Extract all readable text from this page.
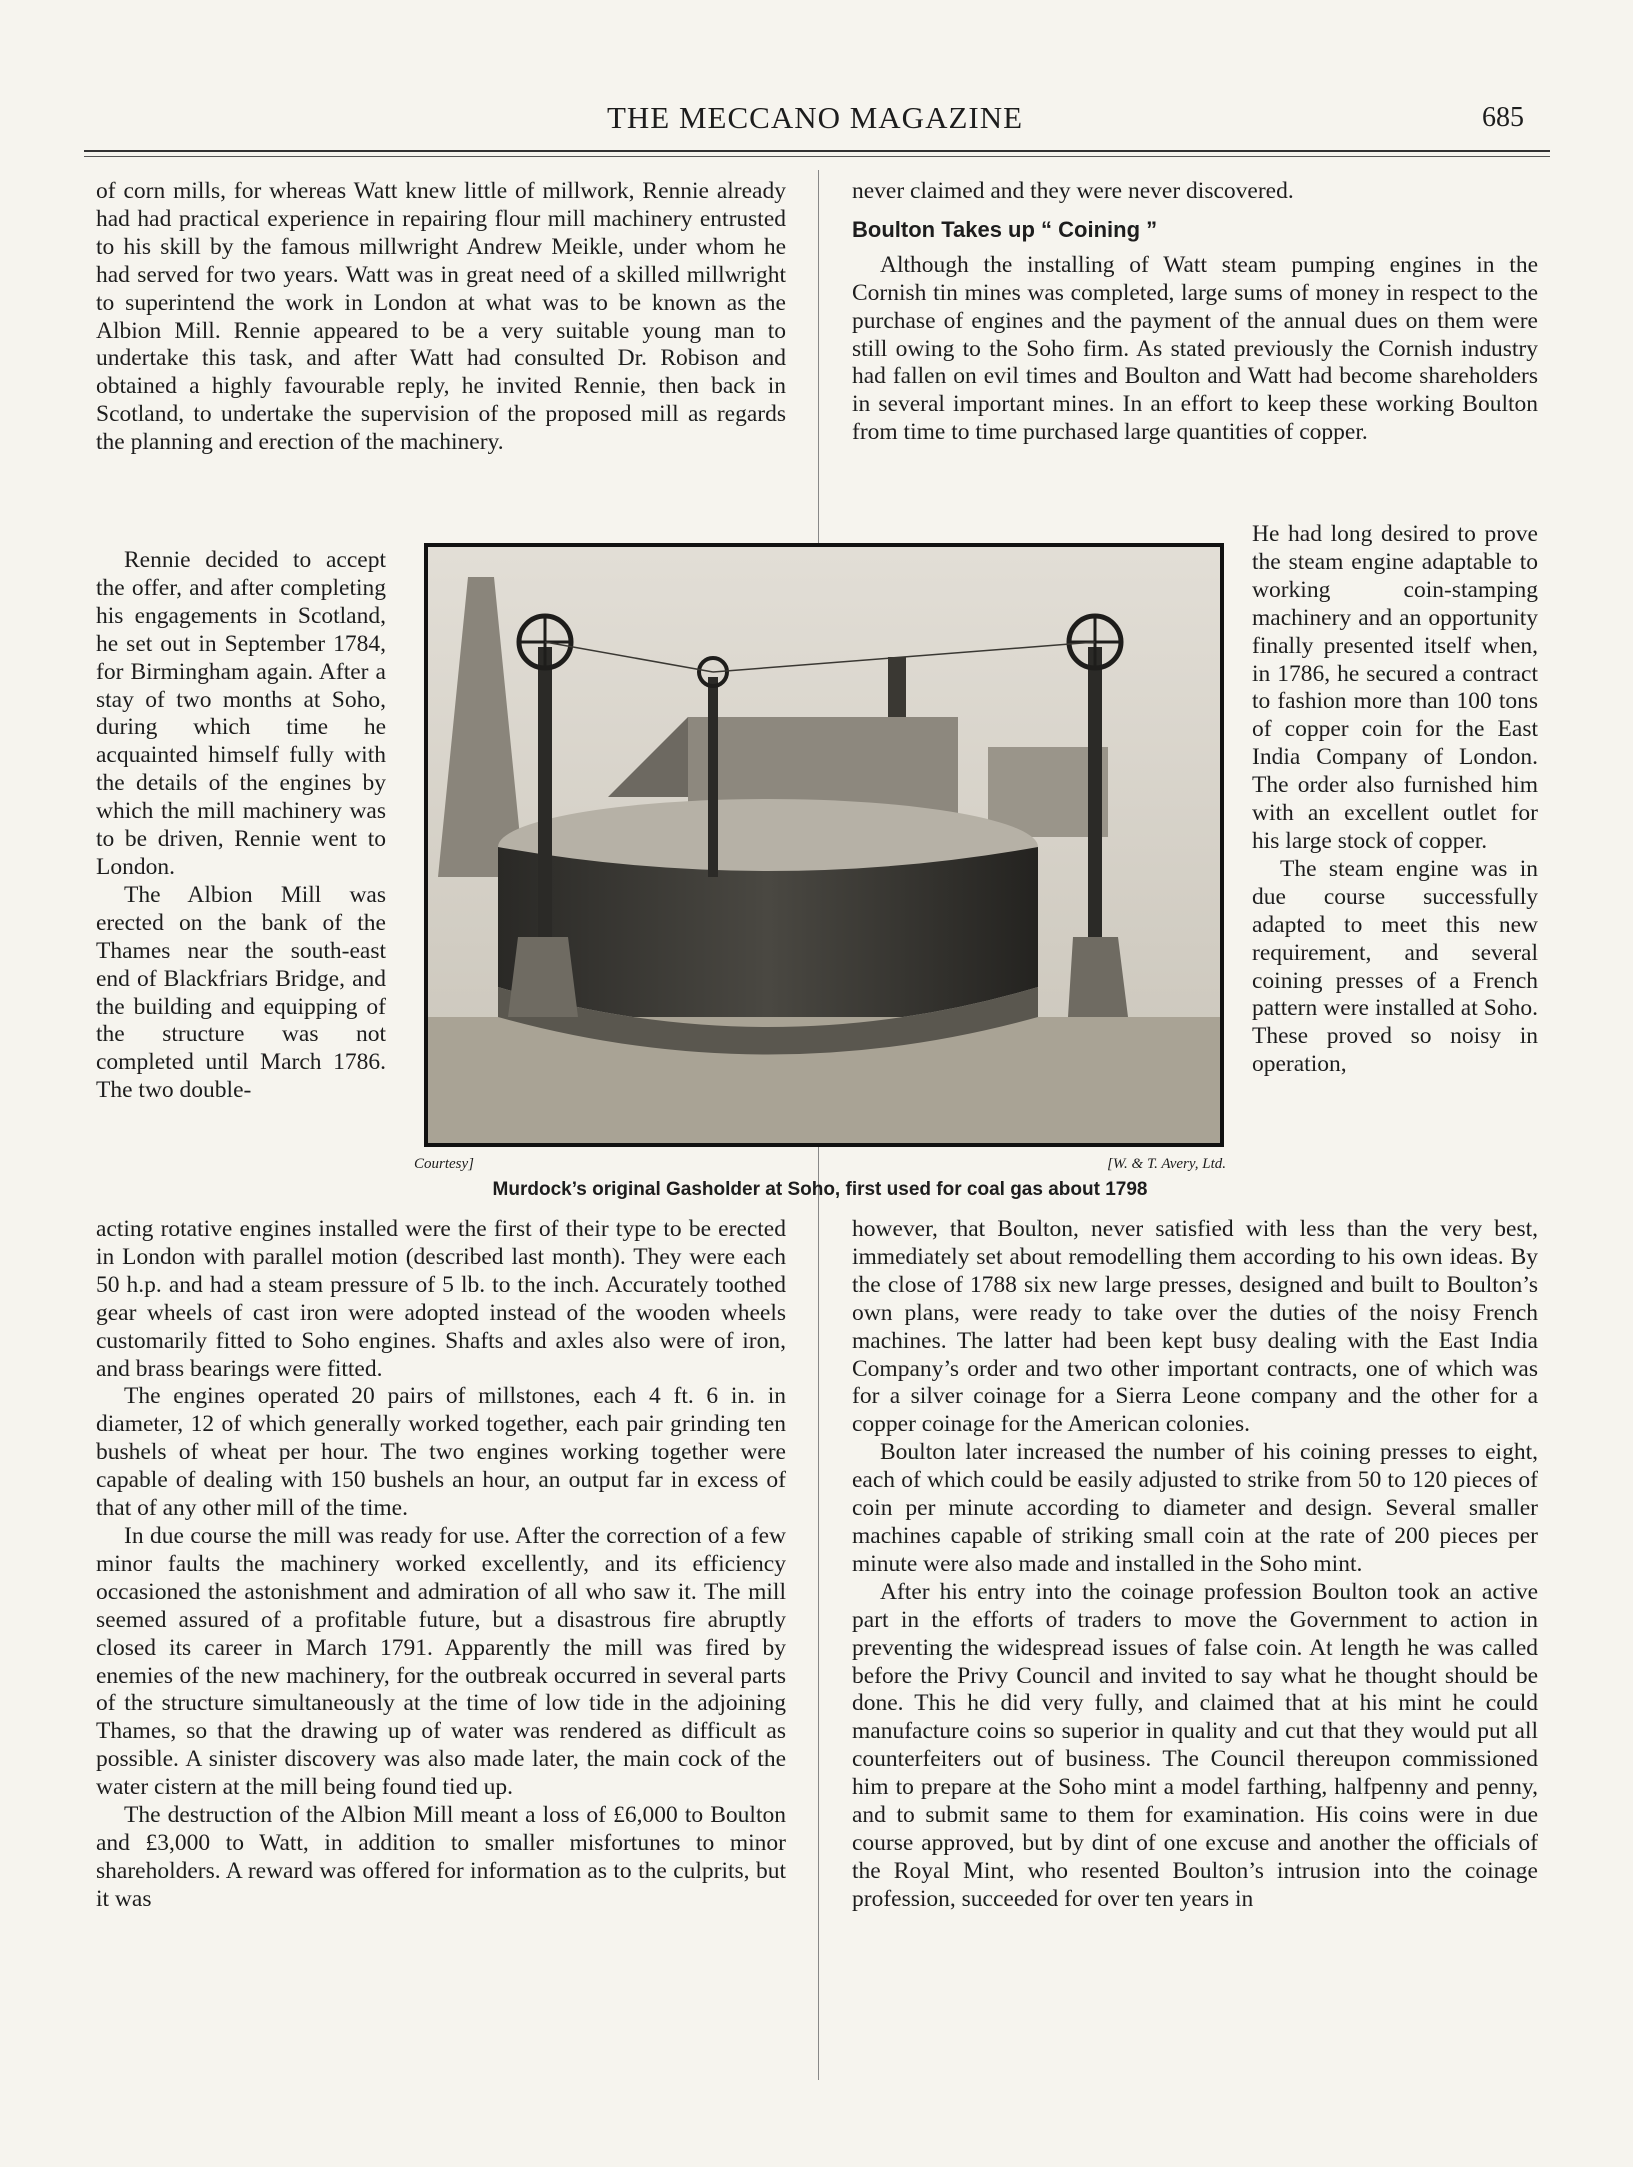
THE MECCANO MAGAZINE	685

of corn mills, for whereas Watt knew little of millwork, Rennie already had had practical experience in repairing flour mill machinery entrusted to his skill by the famous millwright Andrew Meikle, under whom he had served for two years. Watt was in great need of a skilled millwright to superintend the work in London at what was to be known as the Albion Mill. Rennie appeared to be a very suitable young man to undertake this task, and after Watt had consulted Dr. Robison and obtained a highly favourable reply, he invited Rennie, then back in Scotland, to undertake the supervision of the proposed mill as regards the planning and erection of the machinery.

Rennie decided to accept the offer, and after completing his engagements in Scotland, he set out in September 1784, for Birmingham again. After a stay of two months at Soho, during which time he acquainted himself fully with the details of the engines by which the mill machinery was to be driven, Rennie went to London.

The Albion Mill was erected on the bank of the Thames near the south-east end of Blackfriars Bridge, and the building and equipping of the structure was not completed until March 1786. The two double-

acting rotative engines installed were the first of their type to be erected in London with parallel motion (described last month). They were each 50 h.p. and had a steam pressure of 5 lb. to the inch. Accurately toothed gear wheels of cast iron were adopted instead of the wooden wheels customarily fitted to Soho engines. Shafts and axles also were of iron, and brass bearings were fitted.

The engines operated 20 pairs of millstones, each 4 ft. 6 in. in diameter, 12 of which generally worked together, each pair grinding ten bushels of wheat per hour. The two engines working together were capable of dealing with 150 bushels an hour, an output far in excess of that of any other mill of the time.

In due course the mill was ready for use. After the correction of a few minor faults the machinery worked excellently, and its efficiency occasioned the astonishment and admiration of all who saw it. The mill seemed assured of a profitable future, but a disastrous fire abruptly closed its career in March 1791. Apparently the mill was fired by enemies of the new machinery, for the outbreak occurred in several parts of the structure simultaneously at the time of low tide in the adjoining Thames, so that the drawing up of water was rendered as difficult as possible. A sinister discovery was also made later, the main cock of the water cistern at the mill being found tied up.

The destruction of the Albion Mill meant a loss of £6,000 to Boulton and £3,000 to Watt, in addition to smaller misfortunes to minor shareholders. A reward was offered for information as to the culprits, but it was

never claimed and they were never discovered.

Boulton Takes up “ Coining ”

Although the installing of Watt steam pumping engines in the Cornish tin mines was completed, large sums of money in respect to the purchase of engines and the payment of the annual dues on them were still owing to the Soho firm. As stated previously the Cornish industry had fallen on evil times and Boulton and Watt had become shareholders in several important mines. In an effort to keep these working Boulton from time to time purchased large quantities of copper.

He had long desired to prove the steam engine adaptable to working coin-stamping machinery and an opportunity finally presented itself when, in 1786, he secured a contract to fashion more than 100 tons of copper coin for the East India Company of London. The order also furnished him with an excellent outlet for his large stock of copper.

The steam engine was in due course successfully adapted to meet this new requirement, and several coining presses of a French pattern were installed at Soho. These proved so noisy in operation,

however, that Boulton, never satisfied with less than the very best, immediately set about remodelling them according to his own ideas. By the close of 1788 six new large presses, designed and built to Boulton’s own plans, were ready to take over the duties of the noisy French machines. The latter had been kept busy dealing with the East India Company’s order and two other important contracts, one of which was for a silver coinage for a Sierra Leone company and the other for a copper coinage for the American colonies.

Boulton later increased the number of his coining presses to eight, each of which could be easily adjusted to strike from 50 to 120 pieces of coin per minute according to diameter and design. Several smaller machines capable of striking small coin at the rate of 200 pieces per minute were also made and installed in the Soho mint.

After his entry into the coinage profession Boulton took an active part in the efforts of traders to move the Government to action in preventing the widespread issues of false coin. At length he was called before the Privy Council and invited to say what he thought should be done. This he did very fully, and claimed that at his mint he could manufacture coins so superior in quality and cut that they would put all counterfeiters out of business. The Council thereupon commissioned him to prepare at the Soho mint a model farthing, halfpenny and penny, and to submit same to them for examination. His coins were in due course approved, but by dint of one excuse and another the officials of the Royal Mint, who resented Boulton’s intrusion into the coinage profession, succeeded for over ten years in

Courtesy]	[W. & T. Avery, Ltd.
Murdock’s original Gasholder at Soho, first used for coal gas about 1798
